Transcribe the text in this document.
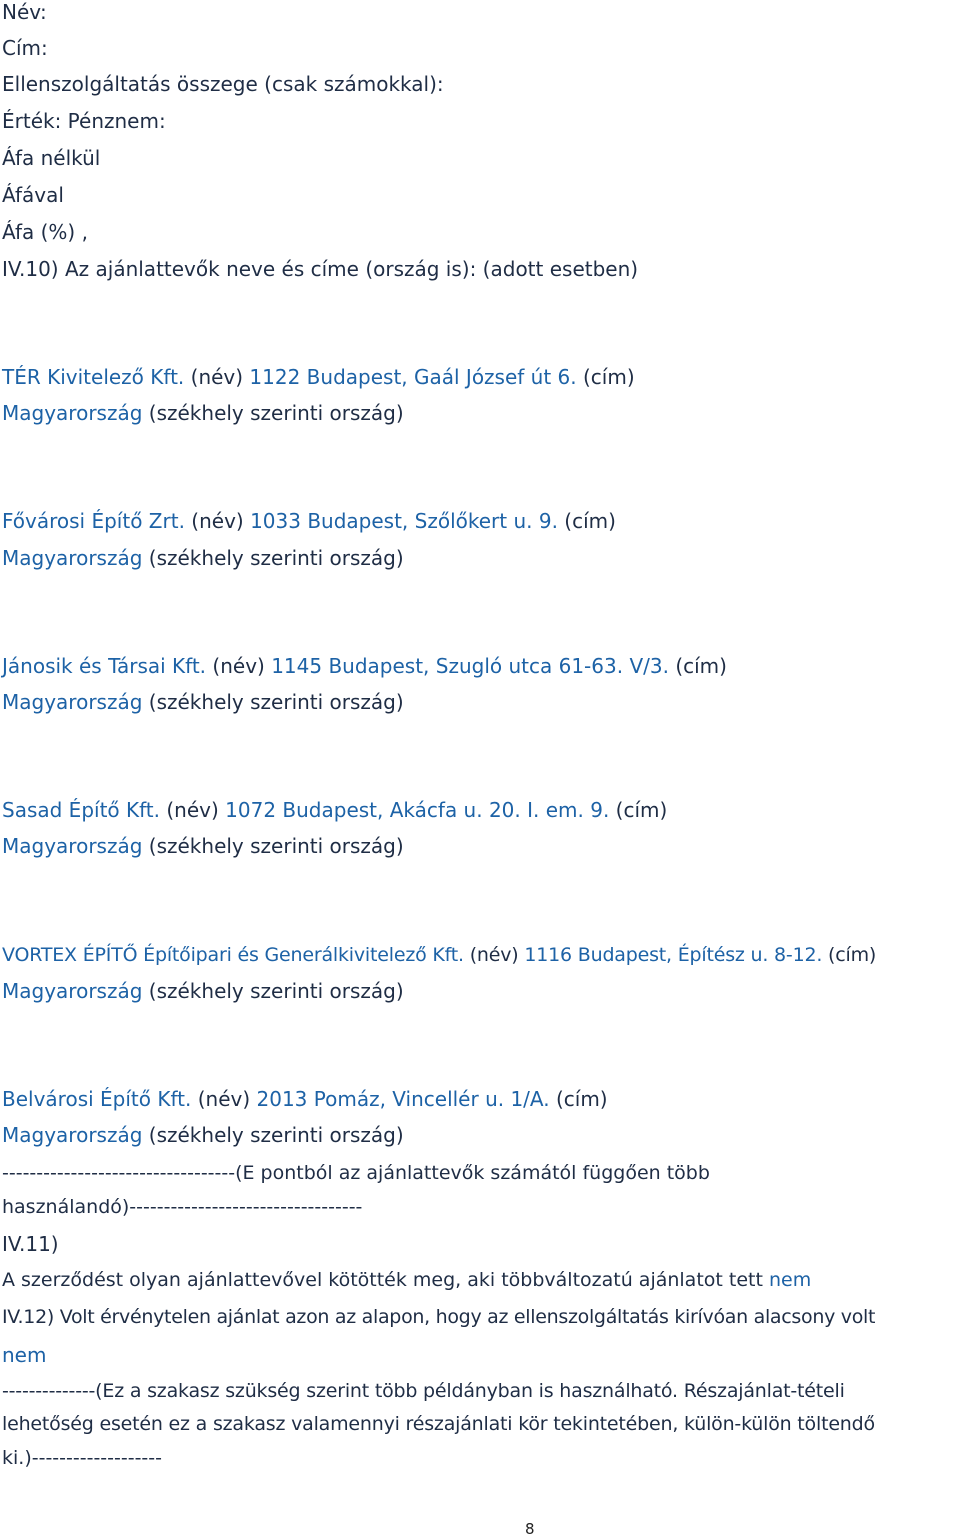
Név:
Cím:
Ellenszolgáltatás összege (csak számokkal):
Érték: Pénznem:
Áfa nélkül
Áfával
Áfa (%) ,
IV.10) Az ajánlattevők neve és címe (ország is): (adott esetben)
TÉR Kivitelező Kft. (név) 1122 Budapest, Gaál József út 6. (cím)
Magyarország (székhely szerinti ország)
Fővárosi Építő Zrt. (név) 1033 Budapest, Szőlőkert u. 9. (cím)
Magyarország (székhely szerinti ország)
Jánosik és Társai Kft. (név) 1145 Budapest, Szugló utca 61-63. V/3. (cím)
Magyarország (székhely szerinti ország)
Sasad Építő Kft. (név) 1072 Budapest, Akácfa u. 20. I. em. 9. (cím)
Magyarország (székhely szerinti ország)
VORTEX ÉPÍTŐ Építőipari és Generálkivitelező Kft. (név) 1116 Budapest, Építész u. 8-12. (cím)
Magyarország (székhely szerinti ország)
Belvárosi Építő Kft. (név) 2013 Pomáz, Vincellér u. 1/A. (cím)
Magyarország (székhely szerinti ország)
----------------------------------(E pontból az ajánlattevők számától függően több
használandó)----------------------------------
IV.11)
A szerződést olyan ajánlattevővel kötötték meg, aki többváltozatú ajánlatot tett nem
IV.12) Volt érvénytelen ajánlat azon az alapon, hogy az ellenszolgáltatás kirívóan alacsony volt
nem
--------------(Ez a szakasz szükség szerint több példányban is használható. Részajánlat-tételi
lehetőség esetén ez a szakasz valamennyi részajánlati kör tekintetében, külön-külön töltendő
ki.)-------------------
8
